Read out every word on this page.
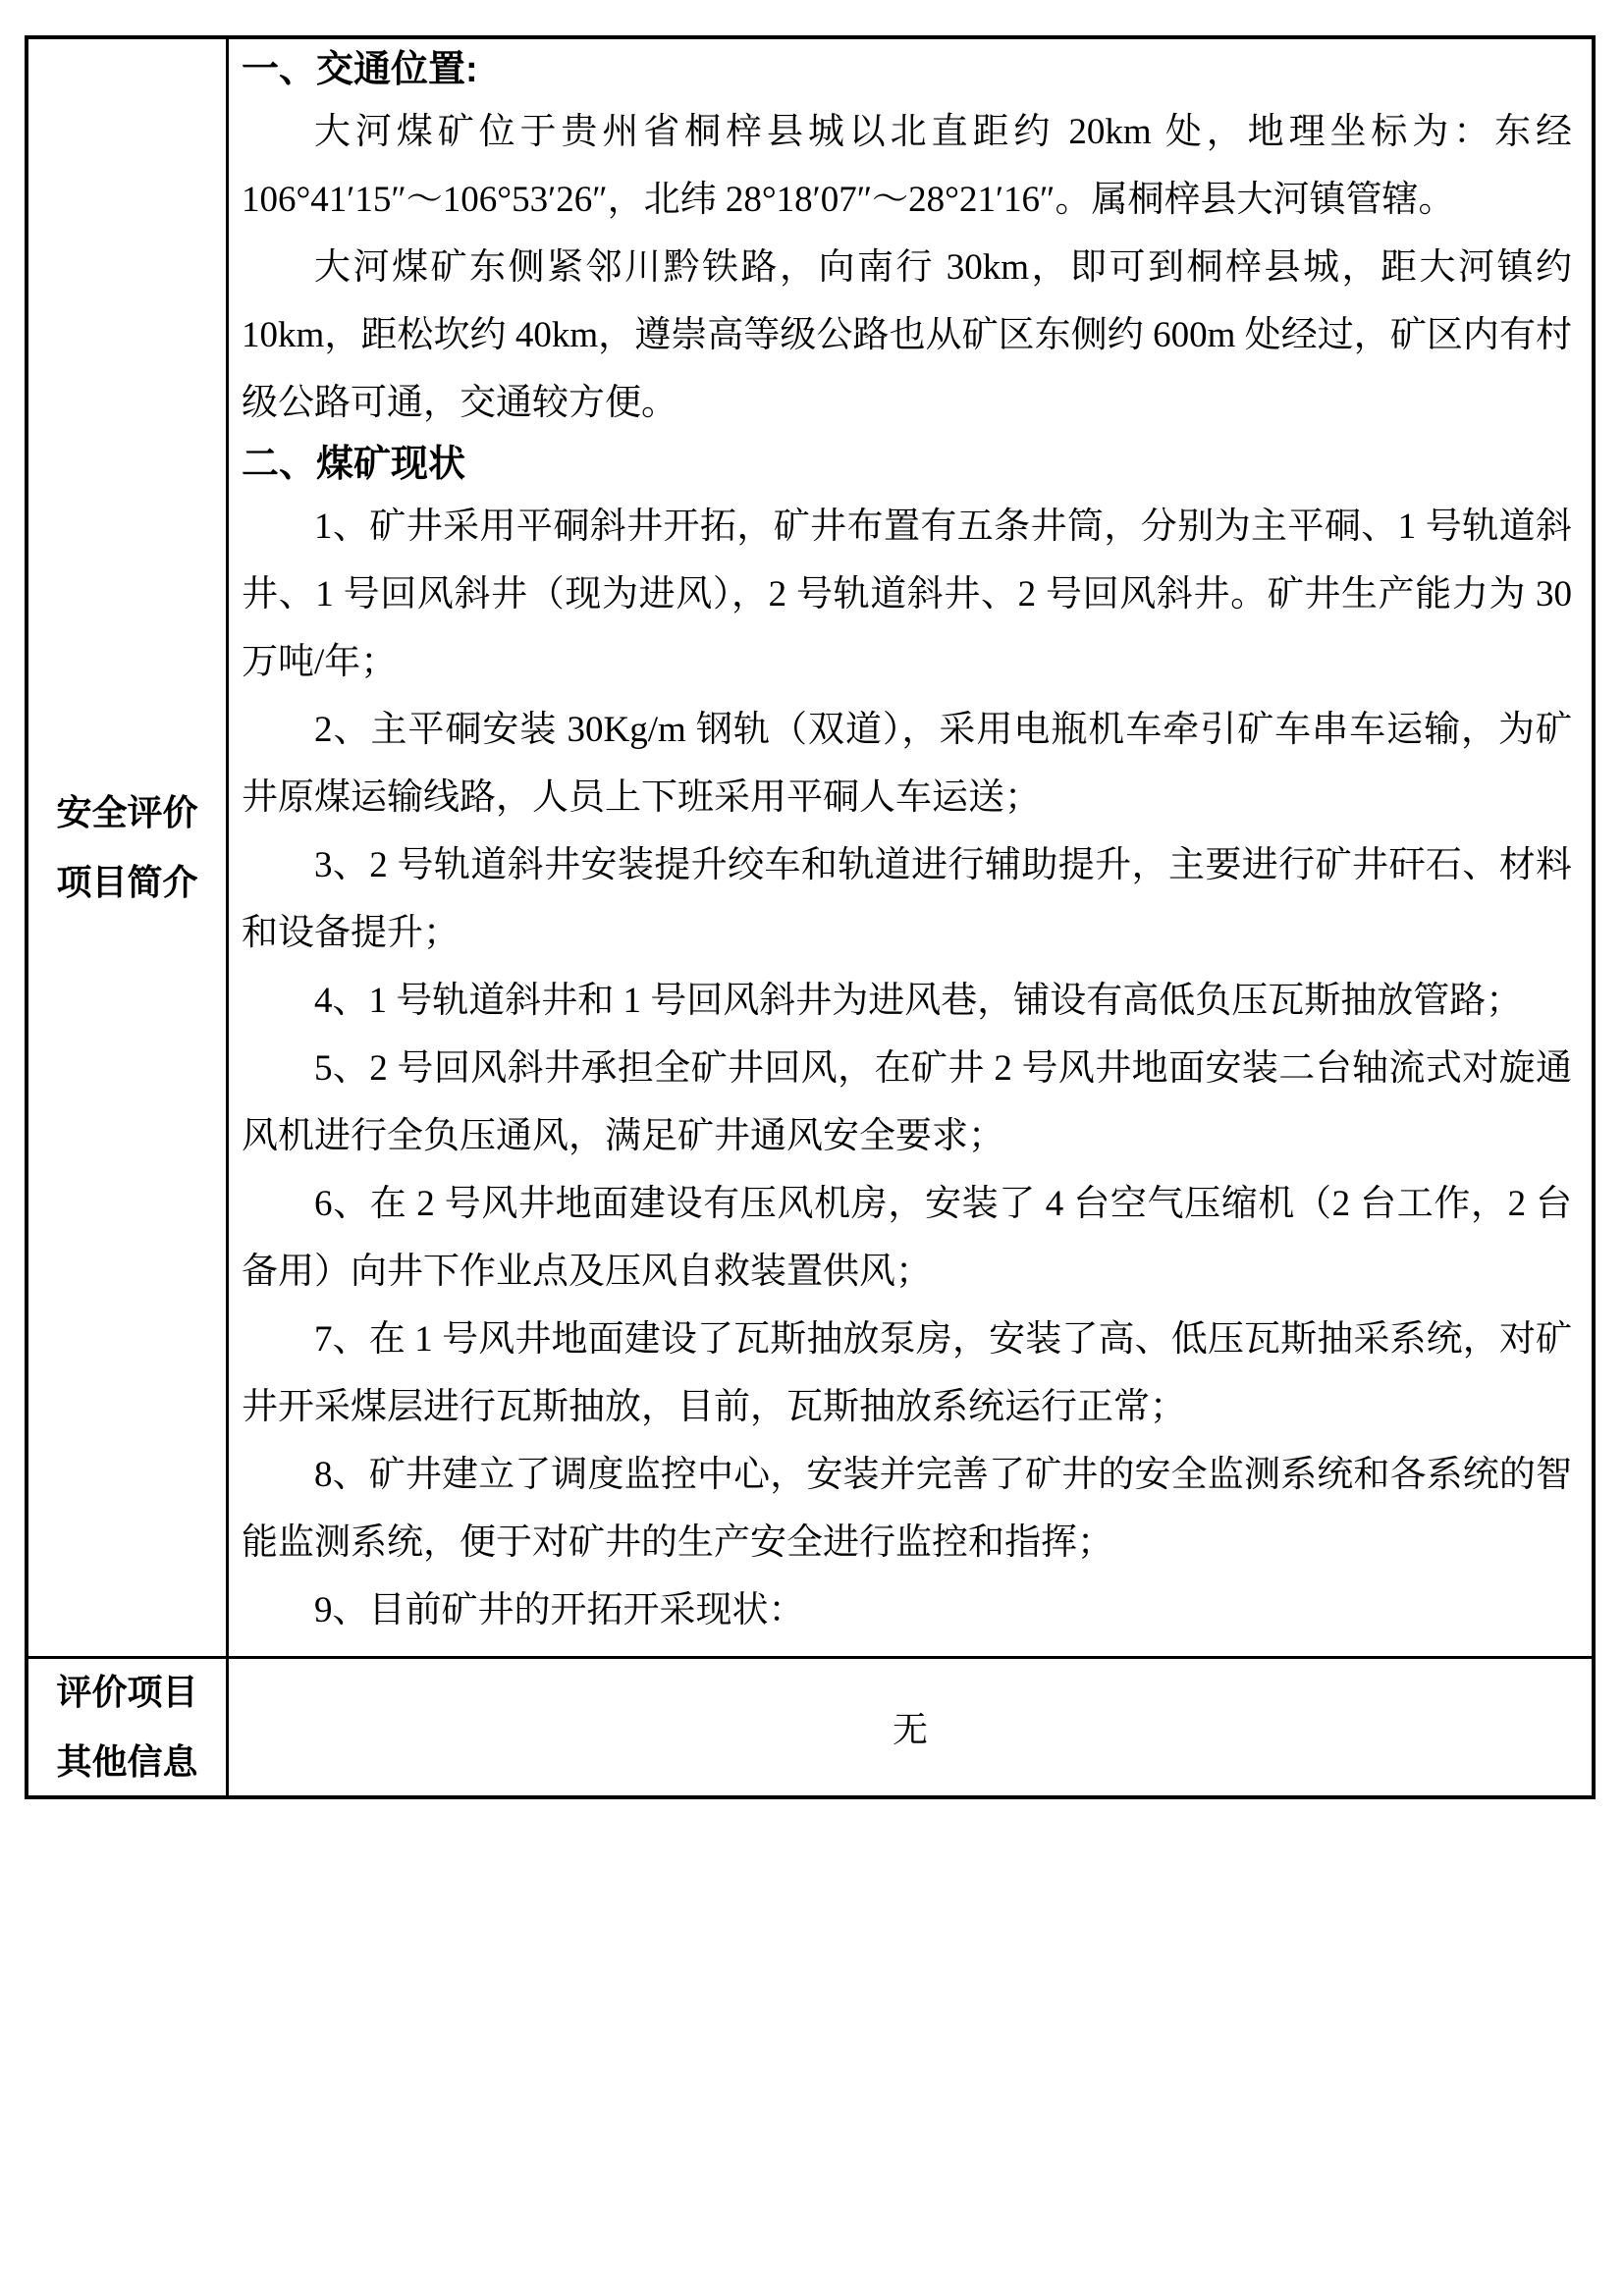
安全评价
项目简介

一、交通位置:

大河煤矿位于贵州省桐梓县城以北直距约 20km 处，地理坐标为：东经 106°41′15″～106°53′26″，北纬 28°18′07″～28°21′16″。属桐梓县大河镇管辖。

大河煤矿东侧紧邻川黔铁路，向南行 30km，即可到桐梓县城，距大河镇约 10km，距松坎约 40km，遵崇高等级公路也从矿区东侧约 600m 处经过，矿区内有村级公路可通，交通较方便。

二、煤矿现状

1、矿井采用平硐斜井开拓，矿井布置有五条井筒，分别为主平硐、1 号轨道斜井、1 号回风斜井（现为进风），2 号轨道斜井、2 号回风斜井。矿井生产能力为 30 万吨/年；

2、主平硐安装 30Kg/m 钢轨（双道），采用电瓶机车牵引矿车串车运输，为矿井原煤运输线路，人员上下班采用平硐人车运送；

3、2 号轨道斜井安装提升绞车和轨道进行辅助提升，主要进行矿井矸石、材料和设备提升；

4、1 号轨道斜井和 1 号回风斜井为进风巷，铺设有高低负压瓦斯抽放管路；

5、2 号回风斜井承担全矿井回风，在矿井 2 号风井地面安装二台轴流式对旋通风机进行全负压通风，满足矿井通风安全要求；

6、在 2 号风井地面建设有压风机房，安装了 4 台空气压缩机（2 台工作，2 台备用）向井下作业点及压风自救装置供风；

7、在 1 号风井地面建设了瓦斯抽放泵房，安装了高、低压瓦斯抽采系统，对矿井开采煤层进行瓦斯抽放，目前，瓦斯抽放系统运行正常；

8、矿井建立了调度监控中心，安装并完善了矿井的安全监测系统和各系统的智能监测系统，便于对矿井的生产安全进行监控和指挥；

9、目前矿井的开拓开采现状：

评价项目
其他信息
无
